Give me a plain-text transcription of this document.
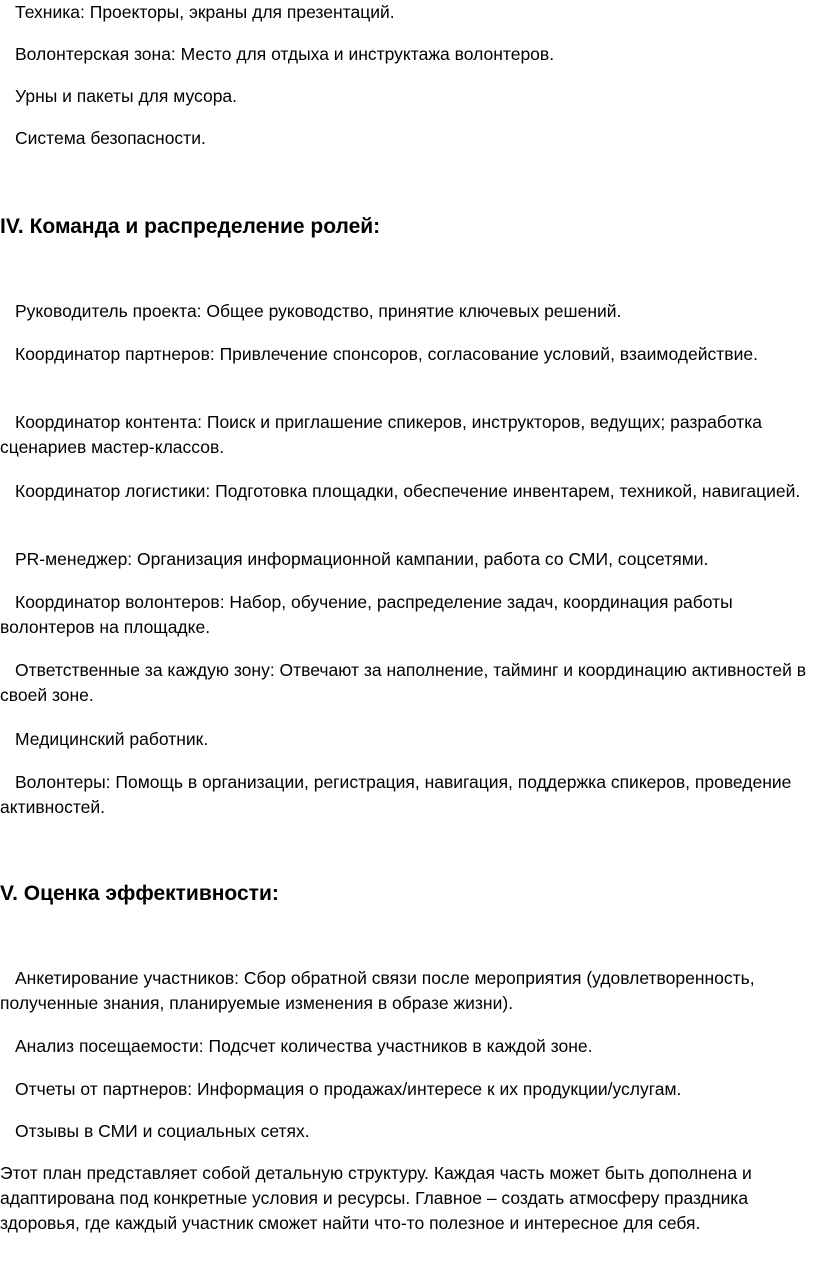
Техника: Проекторы, экраны для презентаций.

Волонтерская зона: Место для отдыха и инструктажа волонтеров.

Урны и пакеты для мусора.

Система безопасности.

IV. Команда и распределение ролей:

Руководитель проекта: Общее руководство, принятие ключевых решений.

Координатор партнеров: Привлечение спонсоров, согласование условий, взаимодействие.

Координатор контента: Поиск и приглашение спикеров, инструкторов, ведущих; разработка сценариев мастер-классов.

Координатор логистики: Подготовка площадки, обеспечение инвентарем, техникой, навигацией.

PR-менеджер: Организация информационной кампании, работа со СМИ, соцсетями.

Координатор волонтеров: Набор, обучение, распределение задач, координация работы волонтеров на площадке.

Ответственные за каждую зону: Отвечают за наполнение, тайминг и координацию активностей в своей зоне.

Медицинский работник.

Волонтеры: Помощь в организации, регистрация, навигация, поддержка спикеров, проведение активностей.

V. Оценка эффективности:

Анкетирование участников: Сбор обратной связи после мероприятия (удовлетворенность, полученные знания, планируемые изменения в образе жизни).

Анализ посещаемости: Подсчет количества участников в каждой зоне.

Отчеты от партнеров: Информация о продажах/интересе к их продукции/услугам.

Отзывы в СМИ и социальных сетях.

Этот план представляет собой детальную структуру. Каждая часть может быть дополнена и адаптирована под конкретные условия и ресурсы. Главное – создать атмосферу праздника здоровья, где каждый участник сможет найти что-то полезное и интересное для себя.
